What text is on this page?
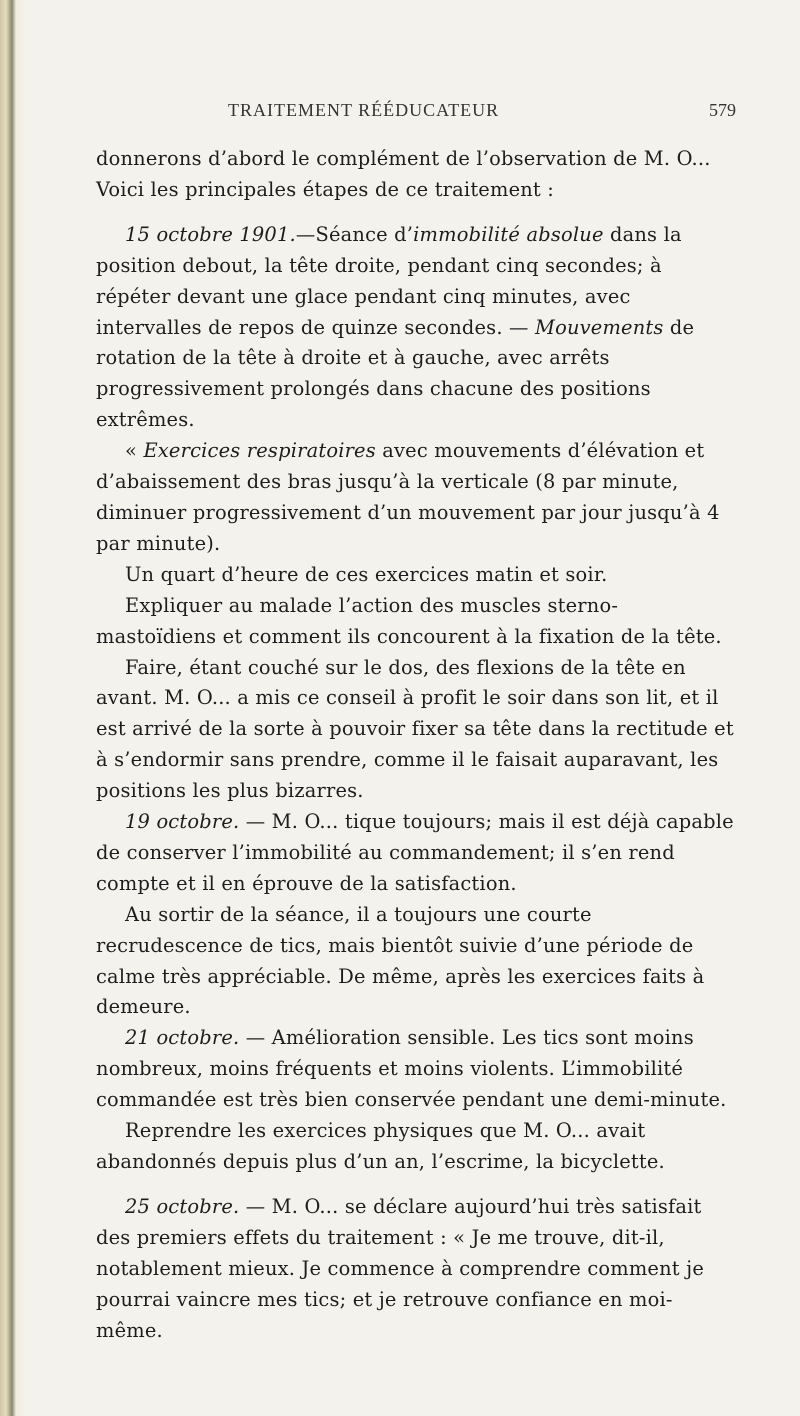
TRAITEMENT RÉÉDUCATEUR	579

donnerons d’abord le complément de l’observation de M. O... Voici les principales étapes de ce traitement :

15 octobre 1901.—Séance d’immobilité absolue dans la position debout, la tête droite, pendant cinq secondes; à répéter devant une glace pendant cinq minutes, avec intervalles de repos de quinze secondes. — Mouvements de rotation de la tête à droite et à gauche, avec arrêts progressivement prolongés dans chacune des positions extrêmes.

« Exercices respiratoires avec mouvements d’élévation et d’abaissement des bras jusqu’à la verticale (8 par minute, diminuer progressivement d’un mouvement par jour jusqu’à 4 par minute).

Un quart d’heure de ces exercices matin et soir.

Expliquer au malade l’action des muscles sterno-mastoïdiens et comment ils concourent à la fixation de la tête.

Faire, étant couché sur le dos, des flexions de la tête en avant. M. O... a mis ce conseil à profit le soir dans son lit, et il est arrivé de la sorte à pouvoir fixer sa tête dans la rectitude et à s’endormir sans prendre, comme il le faisait auparavant, les positions les plus bizarres.

19 octobre. — M. O... tique toujours; mais il est déjà capable de conserver l’immobilité au commandement; il s’en rend compte et il en éprouve de la satisfaction.

Au sortir de la séance, il a toujours une courte recrudescence de tics, mais bientôt suivie d’une période de calme très appréciable. De même, après les exercices faits à demeure.

21 octobre. — Amélioration sensible. Les tics sont moins nombreux, moins fréquents et moins violents. L’immobilité commandée est très bien conservée pendant une demi-minute.

Reprendre les exercices physiques que M. O... avait abandonnés depuis plus d’un an, l’escrime, la bicyclette.

25 octobre. — M. O... se déclare aujourd’hui très satisfait des premiers effets du traitement : « Je me trouve, dit-il, notablement mieux. Je commence à comprendre comment je pourrai vaincre mes tics; et je retrouve confiance en moi-même.
